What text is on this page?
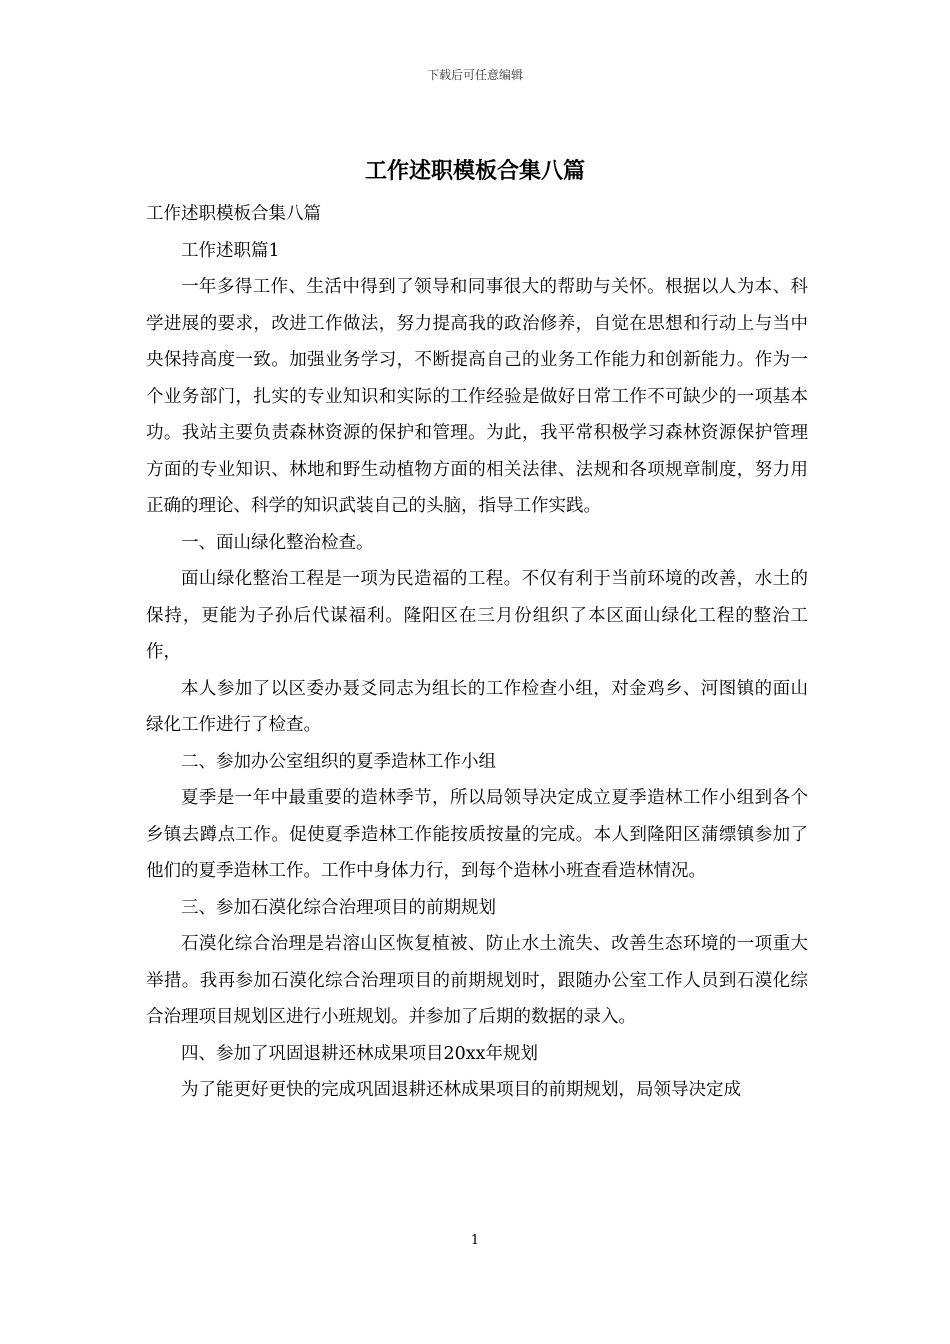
下载后可任意编辑
工作述职模板合集八篇

工作述职模板合集八篇

工作述职篇1

一年多得工作、生活中得到了领导和同事很大的帮助与关怀。根据以人为本、科学进展的要求，改进工作做法，努力提高我的政治修养，自觉在思想和行动上与当中央保持高度一致。加强业务学习，不断提高自己的业务工作能力和创新能力。作为一个业务部门，扎实的专业知识和实际的工作经验是做好日常工作不可缺少的一项基本功。我站主要负责森林资源的保护和管理。为此，我平常积极学习森林资源保护管理方面的专业知识、林地和野生动植物方面的相关法律、法规和各项规章制度，努力用正确的理论、科学的知识武装自己的头脑，指导工作实践。

一、面山绿化整治检查。

面山绿化整治工程是一项为民造福的工程。不仅有利于当前环境的改善，水土的保持，更能为子孙后代谋福利。隆阳区在三月份组织了本区面山绿化工程的整治工作，

本人参加了以区委办聂爻同志为组长的工作检查小组，对金鸡乡、河图镇的面山绿化工作进行了检查。

二、参加办公室组织的夏季造林工作小组

夏季是一年中最重要的造林季节，所以局领导决定成立夏季造林工作小组到各个乡镇去蹲点工作。促使夏季造林工作能按质按量的完成。本人到隆阳区蒲缥镇参加了他们的夏季造林工作。工作中身体力行，到每个造林小班查看造林情况。

三、参加石漠化综合治理项目的前期规划

石漠化综合治理是岩溶山区恢复植被、防止水土流失、改善生态环境的一项重大举措。我再参加石漠化综合治理项目的前期规划时，跟随办公室工作人员到石漠化综合治理项目规划区进行小班规划。并参加了后期的数据的录入。

四、参加了巩固退耕还林成果项目20xx年规划

为了能更好更快的完成巩固退耕还林成果项目的前期规划，局领导决定成

1
